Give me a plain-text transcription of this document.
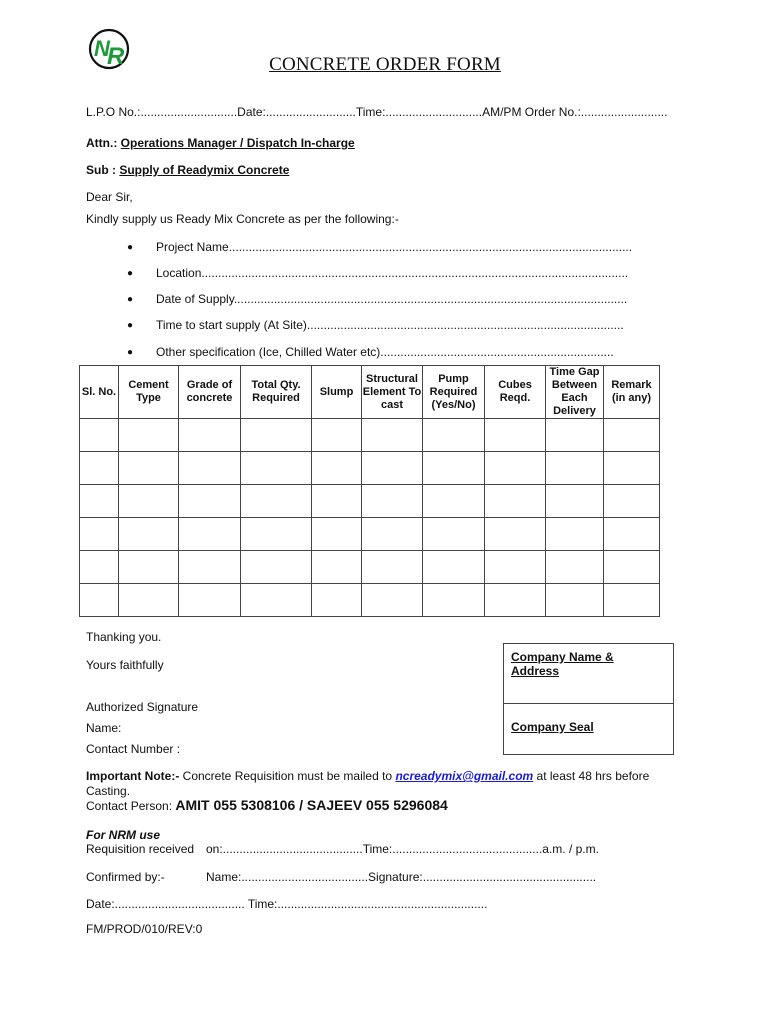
N
R	CONCRETE ORDER FORM
L.P.O No.:.............................Date:...........................Time:.............................AM/PM Order No.:..........................
Attn.: Operations Manager / Dispatch In-charge
Sub : Supply of Readymix Concrete
Dear Sir,
Kindly supply us Ready Mix Concrete as per the following:-
● Project Name.........................................................................................................................
● Location................................................................................................................................
● Date of Supply......................................................................................................................
● Time to start supply (At Site)...............................................................................................
● Other specification (Ice, Chilled Water etc)......................................................................
Sl. No.	Cement Type	Grade of concrete	Total Qty. Required	Slump	Structural Element To cast	Pump Required (Yes/No)	Cubes Reqd.	Time Gap Between Each Delivery	Remark (in any)

Thanking you.
Yours faithfully
Authorized Signature
Name:
Contact Number :
Company Name & Address
Company Seal
Important Note:- Concrete Requisition must be mailed to ncreadymix@gmail.com at least 48 hrs before
Casting.
Contact Person: AMIT 055 5308106 / SAJEEV 055 5296084
For NRM use
Requisition received on:..........................................Time:.............................................a.m. / p.m.
Confirmed by:-	Name:......................................Signature:....................................................
Date:....................................... Time:...............................................................
FM/PROD/010/REV:0
